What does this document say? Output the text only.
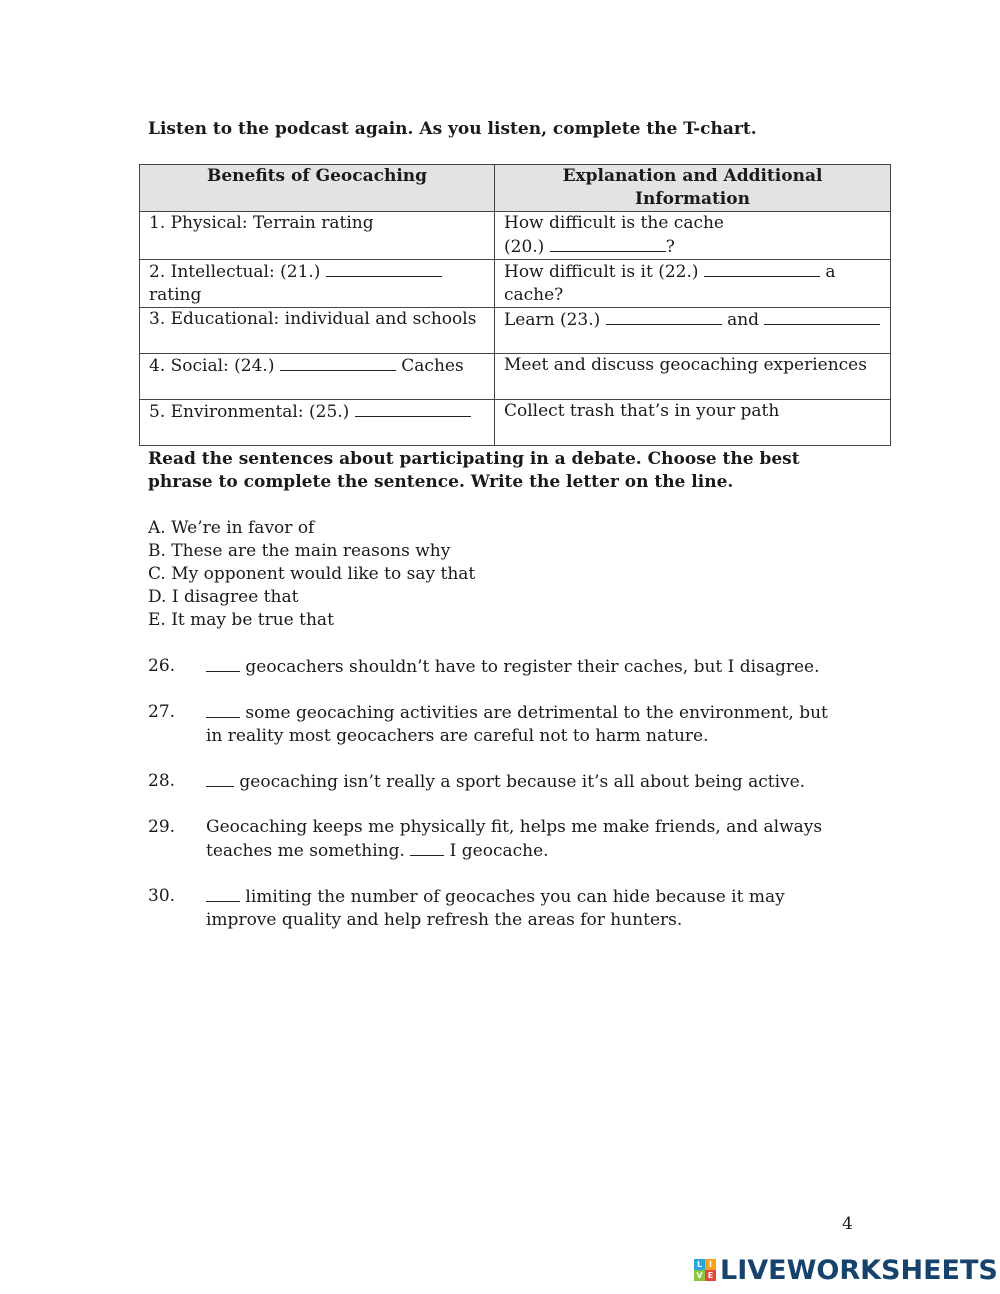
Listen to the podcast again. As you listen, complete the T-chart.
Benefits of Geocaching	Explanation and Additional Information
1. Physical: Terrain rating	How difficult is the cache
(20.) ?
2. Intellectual: (21.)
rating	How difficult is it (22.) a cache?
3. Educational: individual and schools	Learn (23.) and
4. Social: (24.) Caches	Meet and discuss geocaching experiences
5. Environmental: (25.)	Collect trash that’s in your path
Read the sentences about participating in a debate. Choose the best phrase to complete the sentence. Write the letter on the line.
A. We’re in favor of
B. These are the main reasons why
C. My opponent would like to say that
D. I disagree that
E. It may be true that
26.	geocachers shouldn’t have to register their caches, but I disagree.
27.	some geocaching activities are detrimental to the environment, but in reality most geocachers are careful not to harm nature.
28.	geocaching isn’t really a sport because it’s all about being active.
29.	Geocaching keeps me physically fit, helps me make friends, and always teaches me something.  I geocache.
30.	limiting the number of geocaches you can hide because it may improve quality and help refresh the areas for hunters.
4
L I
V E LIVEWORKSHEETS
